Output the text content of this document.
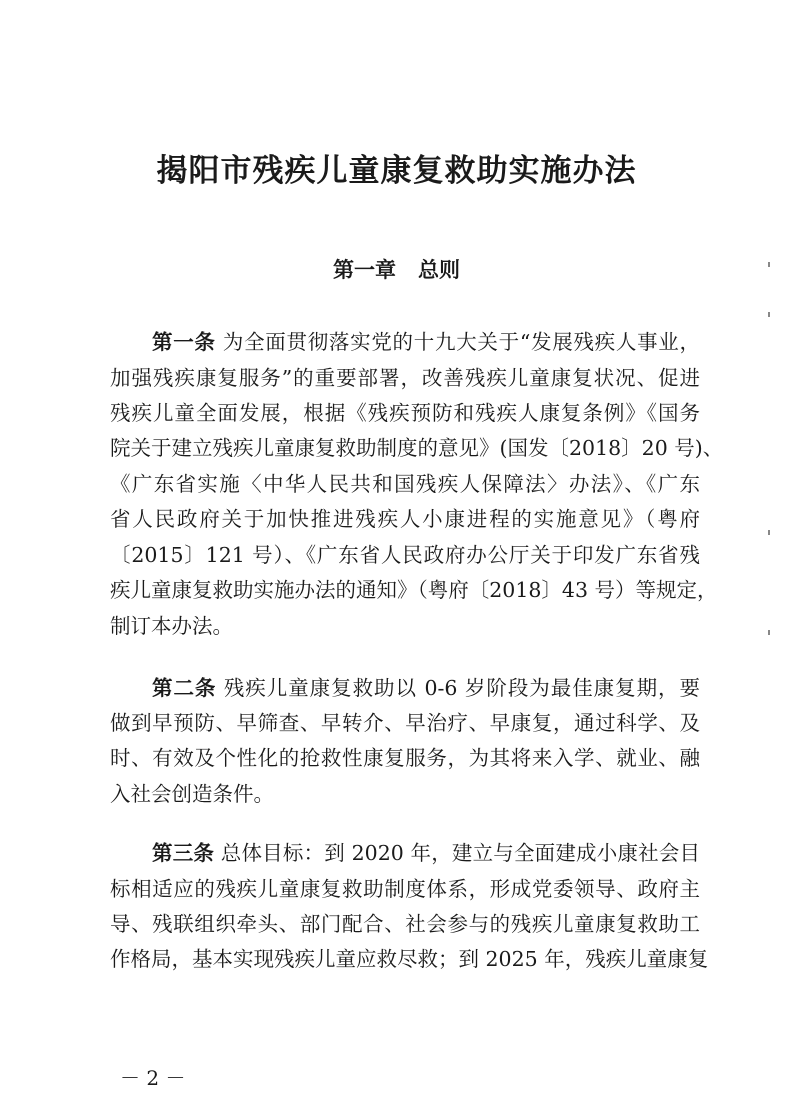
揭阳市残疾儿童康复救助实施办法
第一章 总则
第一条 为全面贯彻落实党的十九大关于“发展残疾人事业，
加强残疾康复服务”的重要部署，改善残疾儿童康复状况、促进
残疾儿童全面发展，根据《残疾预防和残疾人康复条例》《国务
院关于建立残疾儿童康复救助制度的意见》(国发〔2018〕20 号)、
《广东省实施〈中华人民共和国残疾人保障法〉办法》、《广东
省人民政府关于加快推进残疾人小康进程的实施意见》（粤府
〔2015〕121 号）、《广东省人民政府办公厅关于印发广东省残
疾儿童康复救助实施办法的通知》（粤府〔2018〕43 号）等规定，
制订本办法。
第二条 残疾儿童康复救助以 0-6 岁阶段为最佳康复期，要
做到早预防、早筛查、早转介、早治疗、早康复，通过科学、及
时、有效及个性化的抢救性康复服务，为其将来入学、就业、融
入社会创造条件。
第三条 总体目标：到 2020 年，建立与全面建成小康社会目
标相适应的残疾儿童康复救助制度体系，形成党委领导、政府主
导、残联组织牵头、部门配合、社会参与的残疾儿童康复救助工
作格局，基本实现残疾儿童应救尽救；到 2025 年，残疾儿童康复
－ 2 －
